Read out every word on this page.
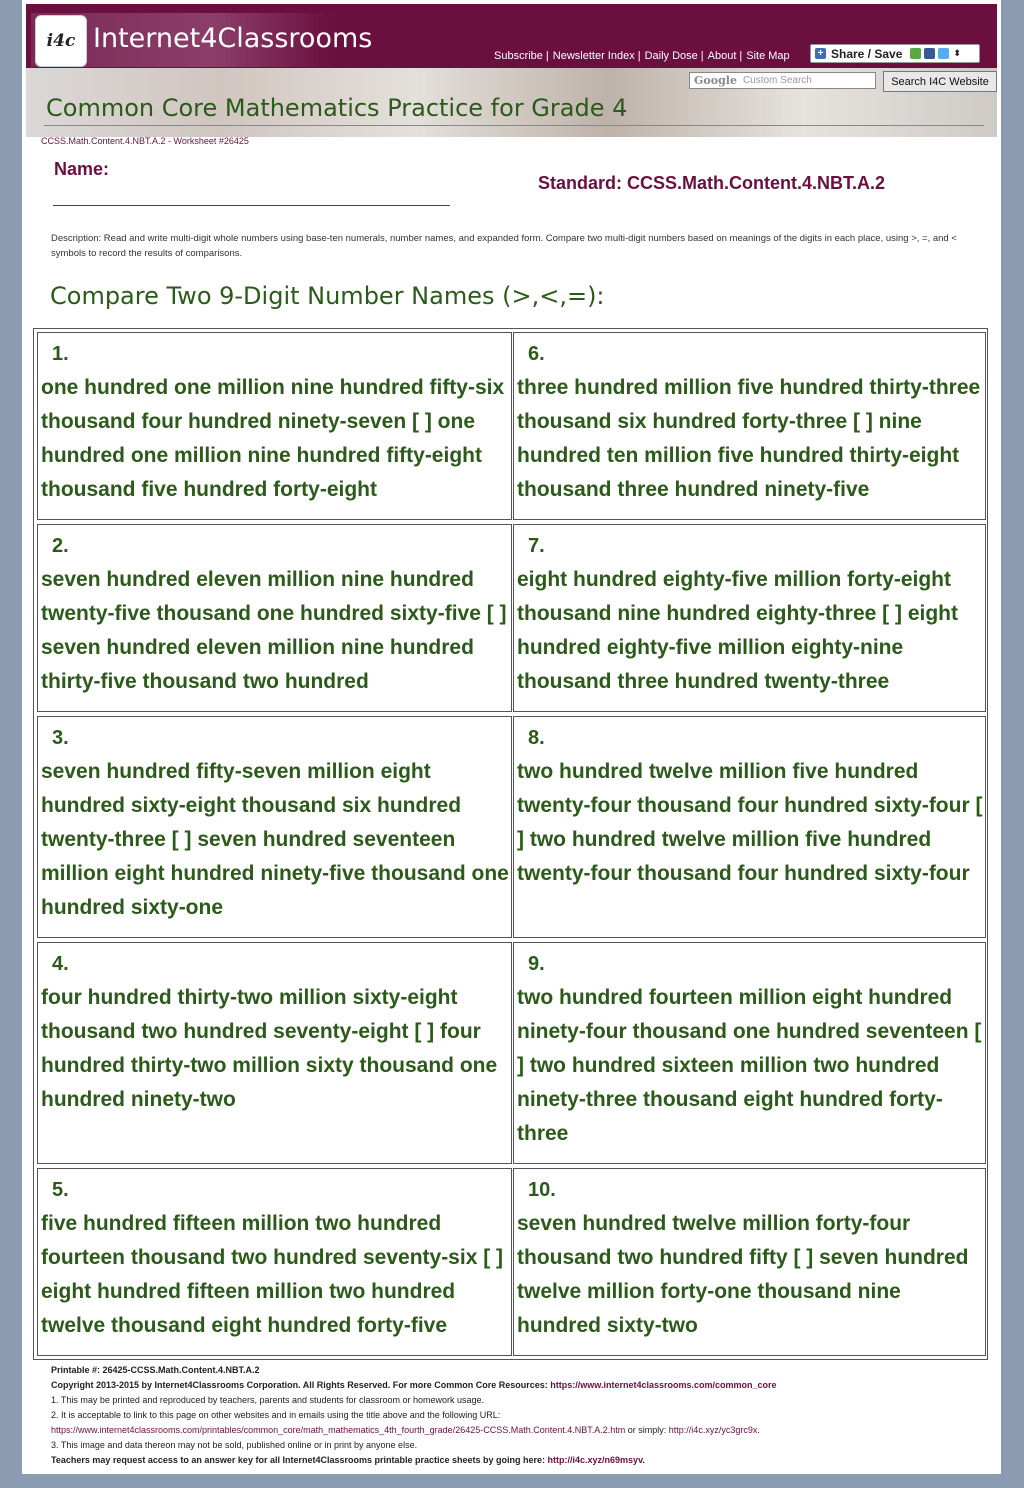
i4c Internet4Classrooms
Subscribe | Newsletter Index | Daily Dose | About | Site Map	+ Share / Save	⬍
Google Custom Search	Search I4C Website
Common Core Mathematics Practice for Grade 4
CCSS.Math.Content.4.NBT.A.2 - Worksheet #26425
Name:
Standard: CCSS.Math.Content.4.NBT.A.2
Description: Read and write multi-digit whole numbers using base-ten numerals, number names, and expanded form. Compare two multi-digit numbers based on meanings of the digits in each place, using >, =, and < symbols to record the results of comparisons.
Compare Two 9-Digit Number Names (>,<,=):
1.
one hundred one million nine hundred fifty-six thousand four hundred ninety-seven [ ] one hundred one million nine hundred fifty-eight thousand five hundred forty-eight
6.
three hundred million five hundred thirty-three thousand six hundred forty-three [ ] nine hundred ten million five hundred thirty-eight thousand three hundred ninety-five
2.
seven hundred eleven million nine hundred twenty-five thousand one hundred sixty-five [ ] seven hundred eleven million nine hundred thirty-five thousand two hundred
7.
eight hundred eighty-five million forty-eight thousand nine hundred eighty-three [ ] eight hundred eighty-five million eighty-nine thousand three hundred twenty-three
3.
seven hundred fifty-seven million eight hundred sixty-eight thousand six hundred twenty-three [ ] seven hundred seventeen million eight hundred ninety-five thousand one hundred sixty-one
8.
two hundred twelve million five hundred twenty-four thousand four hundred sixty-four [ ] two hundred twelve million five hundred twenty-four thousand four hundred sixty-four
4.
four hundred thirty-two million sixty-eight thousand two hundred seventy-eight [ ] four hundred thirty-two million sixty thousand one hundred ninety-two
9.
two hundred fourteen million eight hundred ninety-four thousand one hundred seventeen [ ] two hundred sixteen million two hundred ninety-three thousand eight hundred forty-three
5.
five hundred fifteen million two hundred fourteen thousand two hundred seventy-six [ ] eight hundred fifteen million two hundred twelve thousand eight hundred forty-five
10.
seven hundred twelve million forty-four thousand two hundred fifty [ ] seven hundred twelve million forty-one thousand nine hundred sixty-two
Printable #: 26425-CCSS.Math.Content.4.NBT.A.2
Copyright 2013-2015 by Internet4Classrooms Corporation. All Rights Reserved. For more Common Core Resources: https://www.internet4classrooms.com/common_core
1. This may be printed and reproduced by teachers, parents and students for classroom or homework usage.
2. It is acceptable to link to this page on other websites and in emails using the title above and the following URL:
https://www.internet4classrooms.com/printables/common_core/math_mathematics_4th_fourth_grade/26425-CCSS.Math.Content.4.NBT.A.2.htm or simply: http://i4c.xyz/yc3grc9x.
3. This image and data thereon may not be sold, published online or in print by anyone else.
Teachers may request access to an answer key for all Internet4Classrooms printable practice sheets by going here: http://i4c.xyz/n69msyv.
